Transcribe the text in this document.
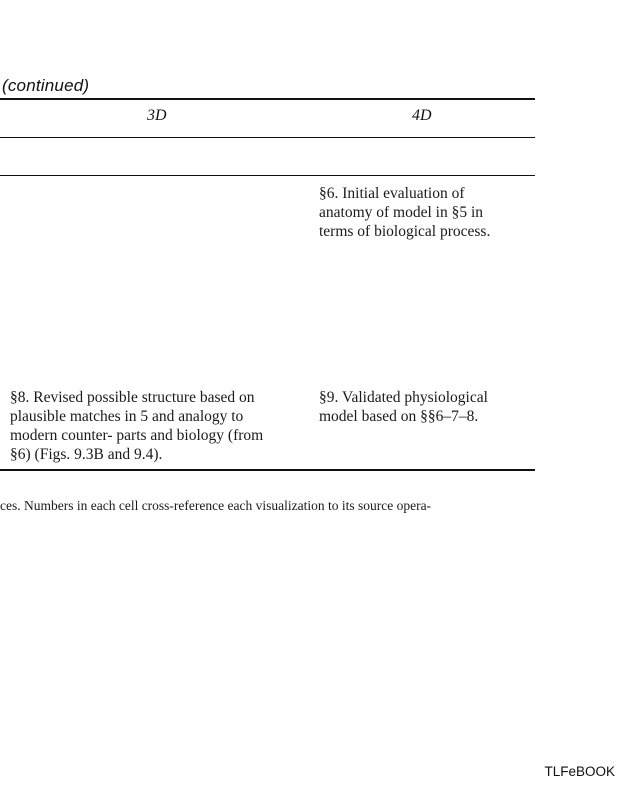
(continued)
3D	4D
§6. Initial evaluation of
anatomy of model in §5 in
terms of biological process.
§8. Revised possible structure based on
plausible matches in 5 and analogy to
modern counter- parts and biology (from
§6) (Figs. 9.3B and 9.4).
§9. Validated physiological
model based on §§6–7–8.
ces. Numbers in each cell cross-reference each visualization to its source opera-
TLFeBOOK
